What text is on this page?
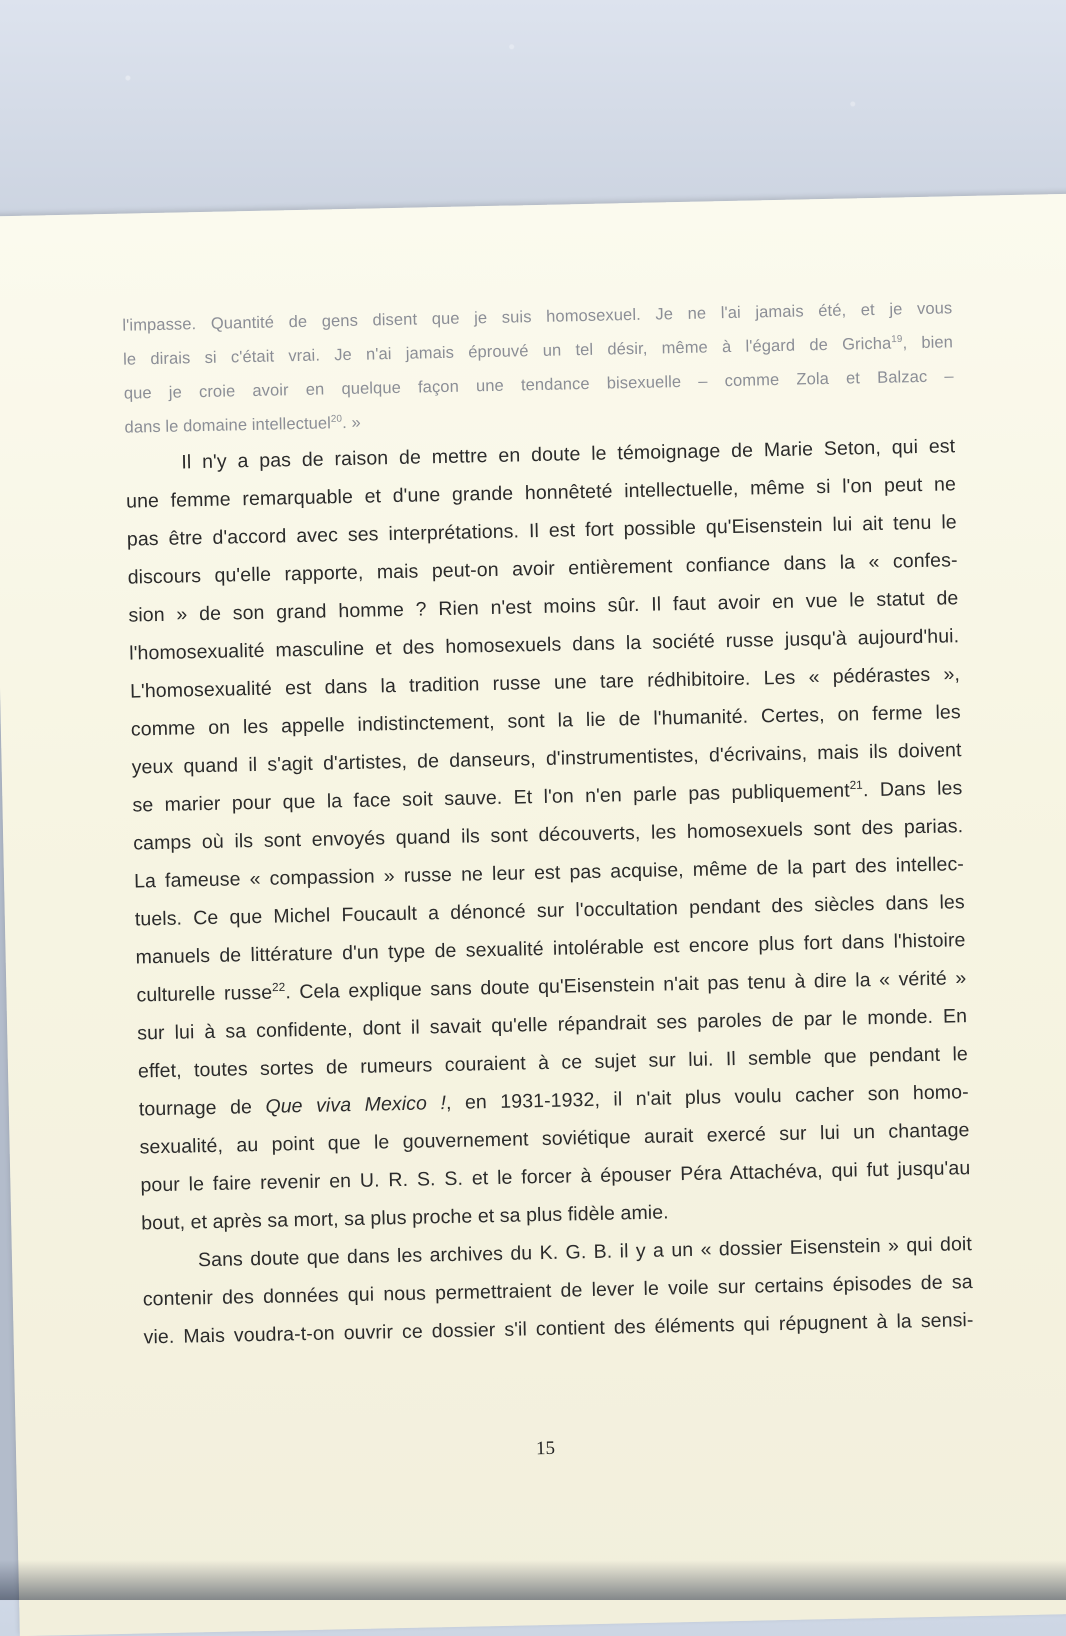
l'impasse. Quantité de gens disent que je suis homosexuel. Je ne l'ai jamais été, et je vous
le dirais si c'était vrai. Je n'ai jamais éprouvé un tel désir, même à l'égard de Gricha$^{19}$, bien
que je croie avoir en quelque façon une tendance bisexuelle – comme Zola et Balzac –
dans le domaine intellectuel$^{20}$. »
Il n'y a pas de raison de mettre en doute le témoignage de Marie Seton, qui est
une femme remarquable et d'une grande honnêteté intellectuelle, même si l'on peut ne
pas être d'accord avec ses interprétations. Il est fort possible qu'Eisenstein lui ait tenu le
discours qu'elle rapporte, mais peut-on avoir entièrement confiance dans la « confes-
sion » de son grand homme ? Rien n'est moins sûr. Il faut avoir en vue le statut de
l'homosexualité masculine et des homosexuels dans la société russe jusqu'à aujourd'hui.
L'homosexualité est dans la tradition russe une tare rédhibitoire. Les « pédérastes »,
comme on les appelle indistinctement, sont la lie de l'humanité. Certes, on ferme les
yeux quand il s'agit d'artistes, de danseurs, d'instrumentistes, d'écrivains, mais ils doivent
se marier pour que la face soit sauve. Et l'on n'en parle pas publiquement$^{21}$. Dans les
camps où ils sont envoyés quand ils sont découverts, les homosexuels sont des parias.
La fameuse « compassion » russe ne leur est pas acquise, même de la part des intellec-
tuels. Ce que Michel Foucault a dénoncé sur l'occultation pendant des siècles dans les
manuels de littérature d'un type de sexualité intolérable est encore plus fort dans l'histoire
culturelle russe$^{22}$. Cela explique sans doute qu'Eisenstein n'ait pas tenu à dire la « vérité »
sur lui à sa confidente, dont il savait qu'elle répandrait ses paroles de par le monde. En
effet, toutes sortes de rumeurs couraient à ce sujet sur lui. Il semble que pendant le
tournage de Que viva Mexico !, en 1931-1932, il n'ait plus voulu cacher son homo-
sexualité, au point que le gouvernement soviétique aurait exercé sur lui un chantage
pour le faire revenir en U. R. S. S. et le forcer à épouser Péra Attachéva, qui fut jusqu'au
bout, et après sa mort, sa plus proche et sa plus fidèle amie.
Sans doute que dans les archives du K. G. B. il y a un « dossier Eisenstein » qui doit
contenir des données qui nous permettraient de lever le voile sur certains épisodes de sa
vie. Mais voudra-t-on ouvrir ce dossier s'il contient des éléments qui répugnent à la sensi-
15
